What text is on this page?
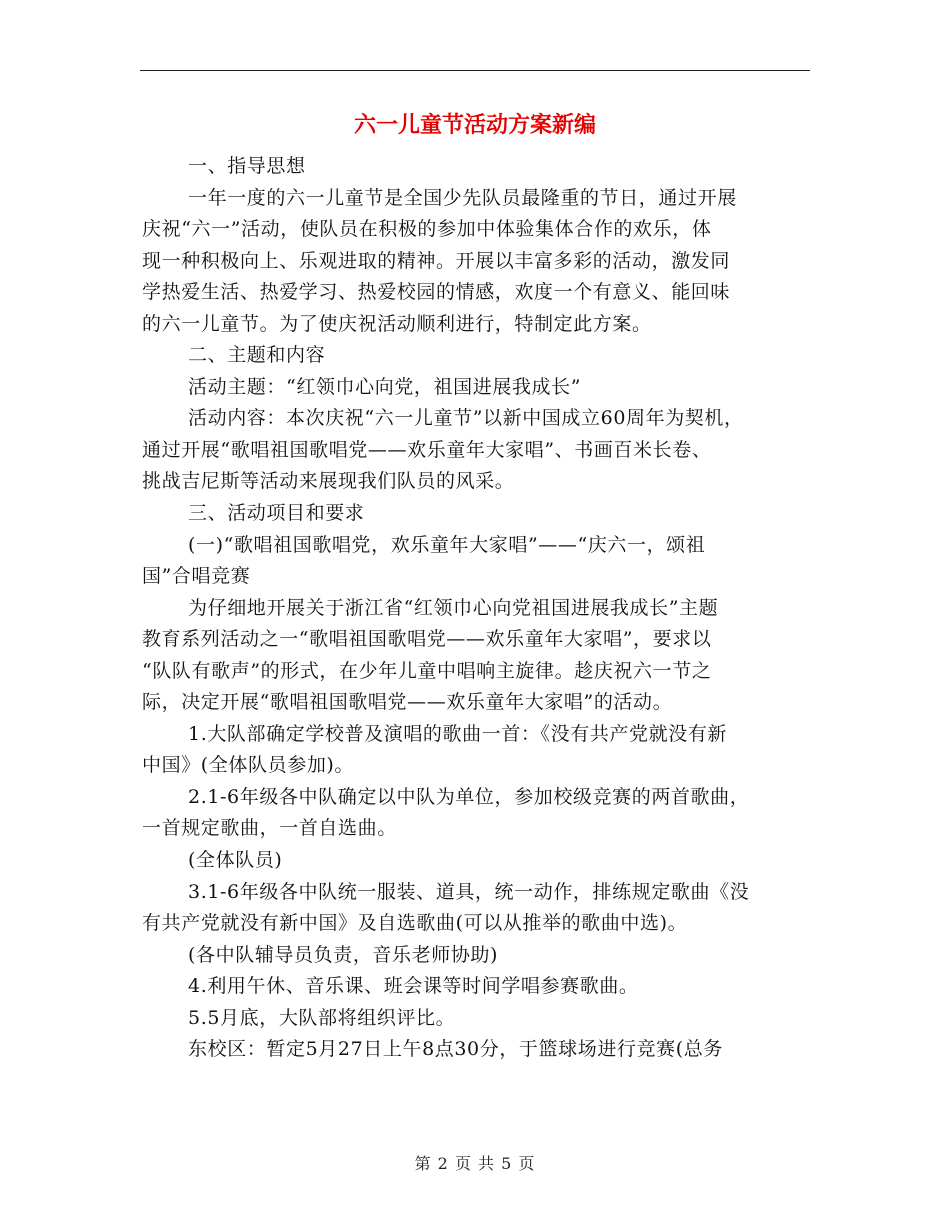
六一儿童节活动方案新编
一、指导思想
一年一度的六一儿童节是全国少先队员最隆重的节日，通过开展
庆祝“六一”活动，使队员在积极的参加中体验集体合作的欢乐，体
现一种积极向上、乐观进取的精神。开展以丰富多彩的活动，激发同
学热爱生活、热爱学习、热爱校园的情感，欢度一个有意义、能回味
的六一儿童节。为了使庆祝活动顺利进行，特制定此方案。
二、主题和内容
活动主题：“红领巾心向党，祖国进展我成长”
活动内容：本次庆祝“六一儿童节”以新中国成立60周年为契机，
通过开展“歌唱祖国歌唱党——欢乐童年大家唱”、书画百米长卷、
挑战吉尼斯等活动来展现我们队员的风采。
三、活动项目和要求
(一)“歌唱祖国歌唱党，欢乐童年大家唱”——“庆六一，颂祖
国”合唱竞赛
为仔细地开展关于浙江省“红领巾心向党祖国进展我成长”主题
教育系列活动之一“歌唱祖国歌唱党——欢乐童年大家唱”，要求以
“队队有歌声”的形式，在少年儿童中唱响主旋律。趁庆祝六一节之
际，决定开展“歌唱祖国歌唱党——欢乐童年大家唱”的活动。
1.大队部确定学校普及演唱的歌曲一首：《没有共产党就没有新
中国》(全体队员参加)。
2.1-6年级各中队确定以中队为单位，参加校级竞赛的两首歌曲，
一首规定歌曲，一首自选曲。
(全体队员)
3.1-6年级各中队统一服装、道具，统一动作，排练规定歌曲《没
有共产党就没有新中国》及自选歌曲(可以从推举的歌曲中选)。
(各中队辅导员负责，音乐老师协助)
4.利用午休、音乐课、班会课等时间学唱参赛歌曲。
5.5月底，大队部将组织评比。
东校区：暂定5月27日上午8点30分，于篮球场进行竞赛(总务
第 2 页 共 5 页
